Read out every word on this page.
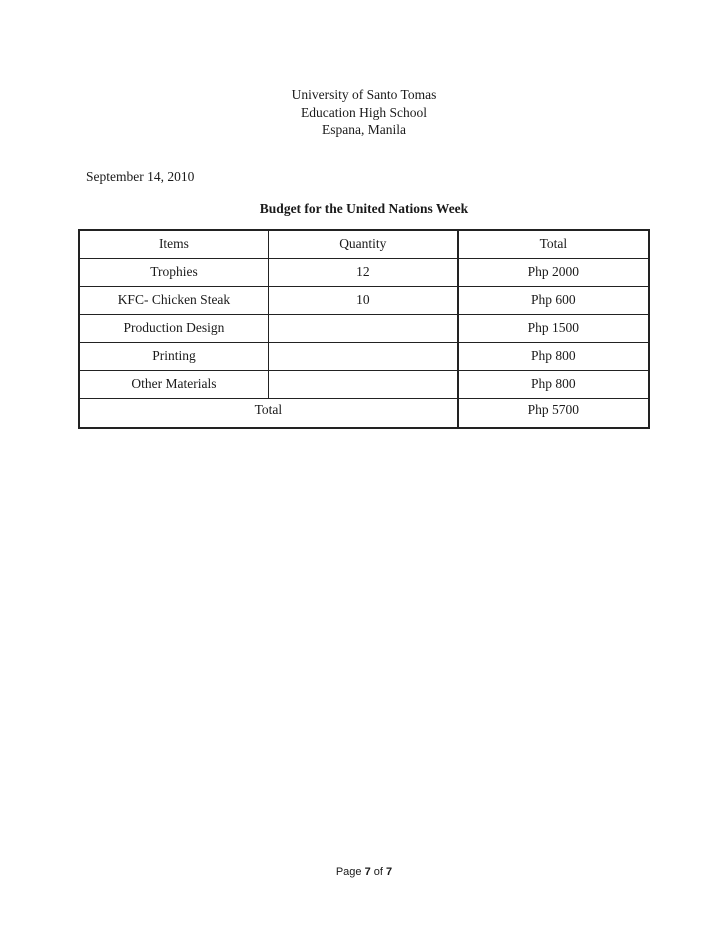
University of Santo Tomas
Education High School
Espana, Manila
September 14, 2010
Budget for the United Nations Week
Items	Quantity	Total
Trophies	12	Php 2000
KFC- Chicken Steak	10	Php 600
Production Design		Php 1500
Printing		Php 800
Other Materials		Php 800
Total		Php 5700
Page 7 of 7
